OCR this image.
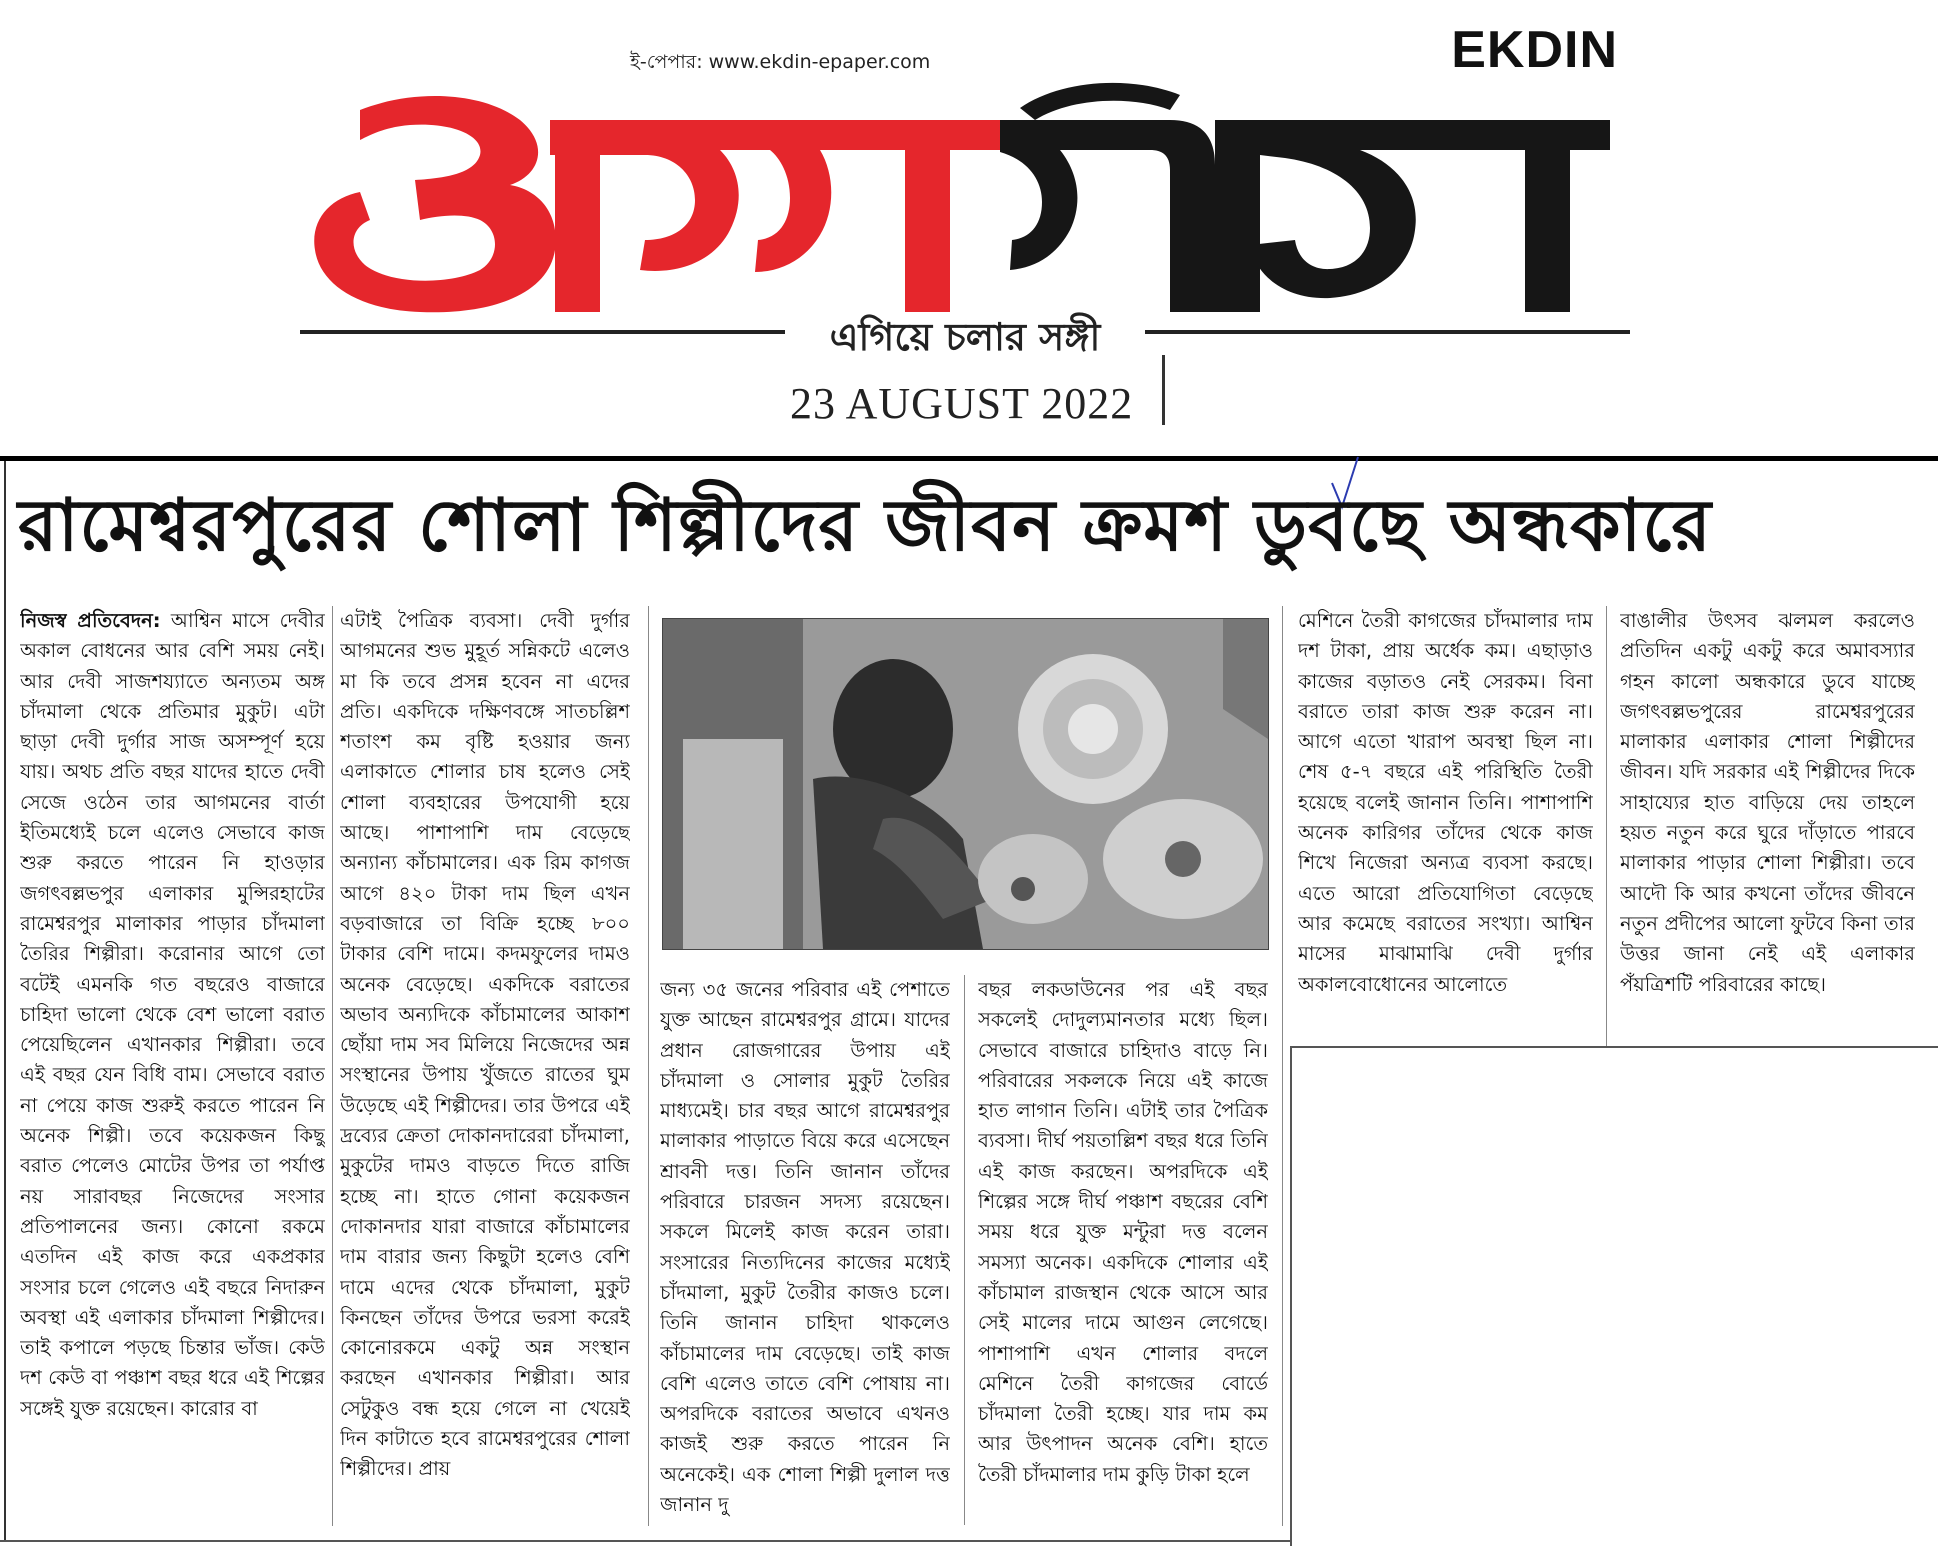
ই-পেপার: www.ekdin-epaper.com	EKDIN
একদিন	এগিয়ে চলার সঙ্গী
23 AUGUST 2022
রামেশ্বরপুরের শোলা শিল্পীদের জীবন ক্রমশ ডুবছে অন্ধকারে
নিজস্ব প্রতিবেদন: আশ্বিন মাসে দেবীর অকাল বোধনের আর বেশি সময় নেই। আর দেবী সাজশয্যাতে অন্যতম অঙ্গ চাঁদমালা থেকে প্রতিমার মুকুট। এটা ছাড়া দেবী দুর্গার সাজ অসম্পূর্ণ হয়ে যায়। অথচ প্রতি বছর যাদের হাতে দেবী সেজে ওঠেন তার আগমনের বার্তা ইতিমধ্যেই চলে এলেও সেভাবে কাজ শুরু করতে পারেন নি হাওড়ার জগৎবল্লভপুর এলাকার মুন্সিরহাটের রামেশ্বরপুর মালাকার পাড়ার চাঁদমালা তৈরির শিল্পীরা। করোনার আগে তো বটেই এমনকি গত বছরেও বাজারে চাহিদা ভালো থেকে বেশ ভালো বরাত পেয়েছিলেন এখানকার শিল্পীরা। তবে এই বছর যেন বিধি বাম। সেভাবে বরাত না পেয়ে কাজ শুরুই করতে পারেন নি অনেক শিল্পী। তবে কয়েকজন কিছু বরাত পেলেও মোটের উপর তা পর্যাপ্ত নয় সারাবছর নিজেদের সংসার প্রতিপালনের জন্য। কোনো রকমে এতদিন এই কাজ করে একপ্রকার সংসার চলে গেলেও এই বছরে নিদারুন অবস্থা এই এলাকার চাঁদমালা শিল্পীদের। তাই কপালে পড়ছে চিন্তার ভাঁজ। কেউ দশ কেউ বা পঞ্চাশ বছর ধরে এই শিল্পের সঙ্গেই যুক্ত রয়েছেন। কারোর বা
এটাই পৈত্রিক ব্যবসা। দেবী দুর্গার আগমনের শুভ মুহূর্ত সন্নিকটে এলেও মা কি তবে প্রসন্ন হবেন না এদের প্রতি। একদিকে দক্ষিণবঙ্গে সাতচল্লিশ শতাংশ কম বৃষ্টি হওয়ার জন্য এলাকাতে শোলার চাষ হলেও সেই শোলা ব্যবহারের উপযোগী হয়ে আছে। পাশাপাশি দাম বেড়েছে অন্যান্য কাঁচামালের। এক রিম কাগজ আগে ৪২০ টাকা দাম ছিল এখন বড়বাজারে তা বিক্রি হচ্ছে ৮০০ টাকার বেশি দামে। কদমফুলের দামও অনেক বেড়েছে। একদিকে বরাতের অভাব অন্যদিকে কাঁচামালের আকাশ ছোঁয়া দাম সব মিলিয়ে নিজেদের অন্ন সংস্থানের উপায় খুঁজতে রাতের ঘুম উড়েছে এই শিল্পীদের। তার উপরে এই দ্রব্যের ক্রেতা দোকানদারেরা চাঁদমালা, মুকুটের দামও বাড়তে দিতে রাজি হচ্ছে না। হাতে গোনা কয়েকজন দোকানদার যারা বাজারে কাঁচামালের দাম বারার জন্য কিছুটা হলেও বেশি দামে এদের থেকে চাঁদমালা, মুকুট কিনছেন তাঁদের উপরে ভরসা করেই কোনোরকমে একটু অন্ন সংস্থান করছেন এখানকার শিল্পীরা। আর সেটুকুও বন্ধ হয়ে গেলে না খেয়েই দিন কাটাতে হবে রামেশ্বরপুরের শোলা শিল্পীদের। প্রায়
জন্য ৩৫ জনের পরিবার এই পেশাতে যুক্ত আছেন রামেশ্বরপুর গ্রামে। যাদের প্রধান রোজগারের উপায় এই চাঁদমালা ও সোলার মুকুট তৈরির মাধ্যমেই। চার বছর আগে রামেশ্বরপুর মালাকার পাড়াতে বিয়ে করে এসেছেন শ্রাবনী দত্ত। তিনি জানান তাঁদের পরিবারে চারজন সদস্য রয়েছেন। সকলে মিলেই কাজ করেন তারা। সংসারের নিত্যদিনের কাজের মধ্যেই চাঁদমালা, মুকুট তৈরীর কাজও চলে। তিনি জানান চাহিদা থাকলেও কাঁচামালের দাম বেড়েছে। তাই কাজ বেশি এলেও তাতে বেশি পোষায় না। অপরদিকে বরাতের অভাবে এখনও কাজই শুরু করতে পারেন নি অনেকেই। এক শোলা শিল্পী দুলাল দত্ত জানান দু
বছর লকডাউনের পর এই বছর সকলেই দোদুল্যমানতার মধ্যে ছিল। সেভাবে বাজারে চাহিদাও বাড়ে নি। পরিবারের সকলকে নিয়ে এই কাজে হাত লাগান তিনি। এটাই তার পৈত্রিক ব্যবসা। দীর্ঘ পয়তাল্লিশ বছর ধরে তিনি এই কাজ করছেন। অপরদিকে এই শিল্পের সঙ্গে দীর্ঘ পঞ্চাশ বছরের বেশি সময় ধরে যুক্ত মন্টুরা দত্ত বলেন সমস্যা অনেক। একদিকে শোলার এই কাঁচামাল রাজস্থান থেকে আসে আর সেই মালের দামে আগুন লেগেছে। পাশাপাশি এখন শোলার বদলে মেশিনে তৈরী কাগজের বোর্ডে চাঁদমালা তৈরী হচ্ছে। যার দাম কম আর উৎপাদন অনেক বেশি। হাতে তৈরী চাঁদমালার দাম কুড়ি টাকা হলে
মেশিনে তৈরী কাগজের চাঁদমালার দাম দশ টাকা, প্রায় অর্ধেক কম। এছাড়াও কাজের বড়াতও নেই সেরকম। বিনা বরাতে তারা কাজ শুরু করেন না। আগে এতো খারাপ অবস্থা ছিল না। শেষ ৫-৭ বছরে এই পরিস্থিতি তৈরী হয়েছে বলেই জানান তিনি। পাশাপাশি অনেক কারিগর তাঁদের থেকে কাজ শিখে নিজেরা অন্যত্র ব্যবসা করছে। এতে আরো প্রতিযোগিতা বেড়েছে আর কমেছে বরাতের সংখ্যা। আশ্বিন মাসের মাঝামাঝি দেবী দুর্গার অকালবোধোনের আলোতে
বাঙালীর উৎসব ঝলমল করলেও প্রতিদিন একটু একটু করে অমাবস্যার গহন কালো অন্ধকারে ডুবে যাচ্ছে জগৎবল্লভপুরের রামেশ্বরপুরের মালাকার এলাকার শোলা শিল্পীদের জীবন। যদি সরকার এই শিল্পীদের দিকে সাহায্যের হাত বাড়িয়ে দেয় তাহলে হয়ত নতুন করে ঘুরে দাঁড়াতে পারবে মালাকার পাড়ার শোলা শিল্পীরা। তবে আদৌ কি আর কখনো তাঁদের জীবনে নতুন প্রদীপের আলো ফুটবে কিনা তার উত্তর জানা নেই এই এলাকার পঁয়ত্রিশটি পরিবারের কাছে।
